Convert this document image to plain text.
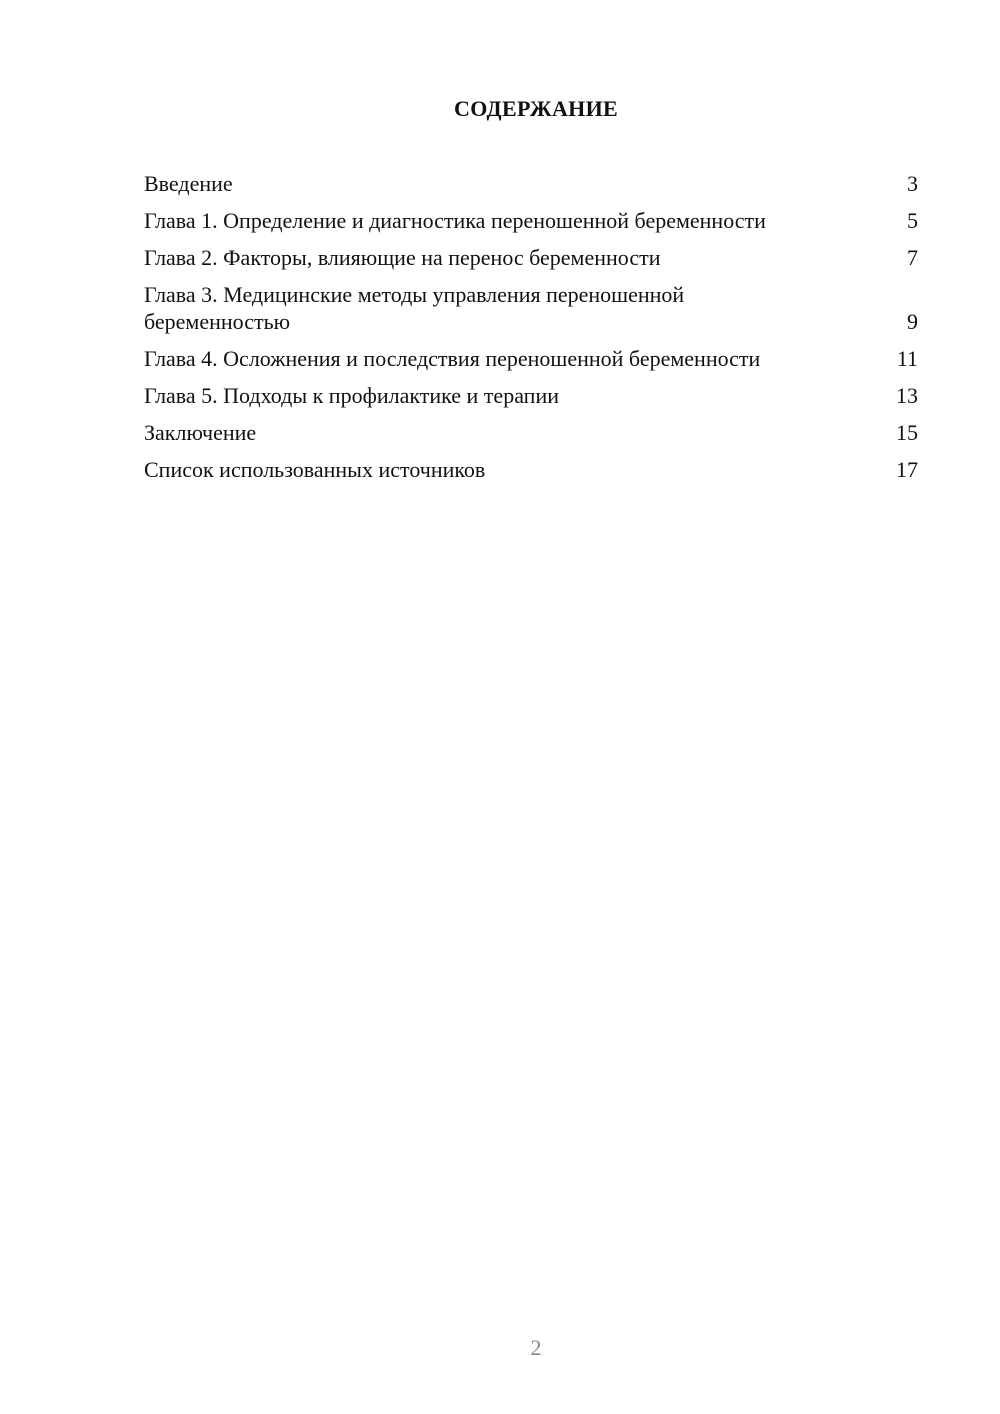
СОДЕРЖАНИЕ
Введение	3
Глава 1. Определение и диагностика переношенной беременности	5
Глава 2. Факторы, влияющие на перенос беременности	7
Глава 3. Медицинские методы управления переношенной беременностью	9
Глава 4. Осложнения и последствия переношенной беременности	11
Глава 5. Подходы к профилактике и терапии	13
Заключение	15
Список использованных источников	17
2
